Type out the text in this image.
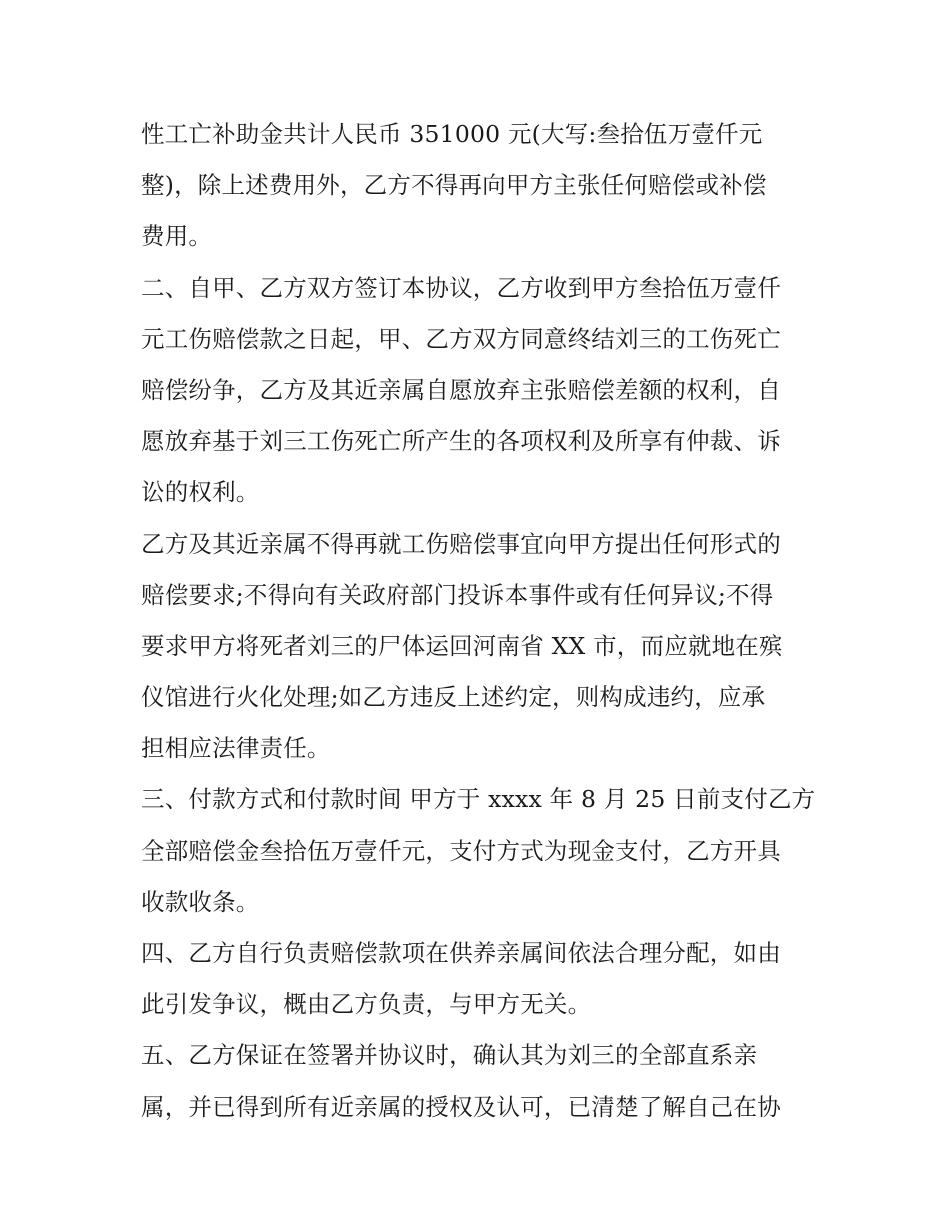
性工亡补助金共计人民币 351000 元(大写:叁拾伍万壹仟元
整)，除上述费用外，乙方不得再向甲方主张任何赔偿或补偿
费用。
二、自甲、乙方双方签订本协议，乙方收到甲方叁拾伍万壹仟
元工伤赔偿款之日起，甲、乙方双方同意终结刘三的工伤死亡
赔偿纷争，乙方及其近亲属自愿放弃主张赔偿差额的权利，自
愿放弃基于刘三工伤死亡所产生的各项权利及所享有仲裁、诉
讼的权利。
乙方及其近亲属不得再就工伤赔偿事宜向甲方提出任何形式的
赔偿要求;不得向有关政府部门投诉本事件或有任何异议;不得
要求甲方将死者刘三的尸体运回河南省 XX 市，而应就地在殡
仪馆进行火化处理;如乙方违反上述约定，则构成违约，应承
担相应法律责任。
三、付款方式和付款时间 甲方于 xxxx 年 8 月 25 日前支付乙方
全部赔偿金叁拾伍万壹仟元，支付方式为现金支付，乙方开具
收款收条。
四、乙方自行负责赔偿款项在供养亲属间依法合理分配，如由
此引发争议，概由乙方负责，与甲方无关。
五、乙方保证在签署并协议时，确认其为刘三的全部直系亲
属，并已得到所有近亲属的授权及认可，已清楚了解自己在协
